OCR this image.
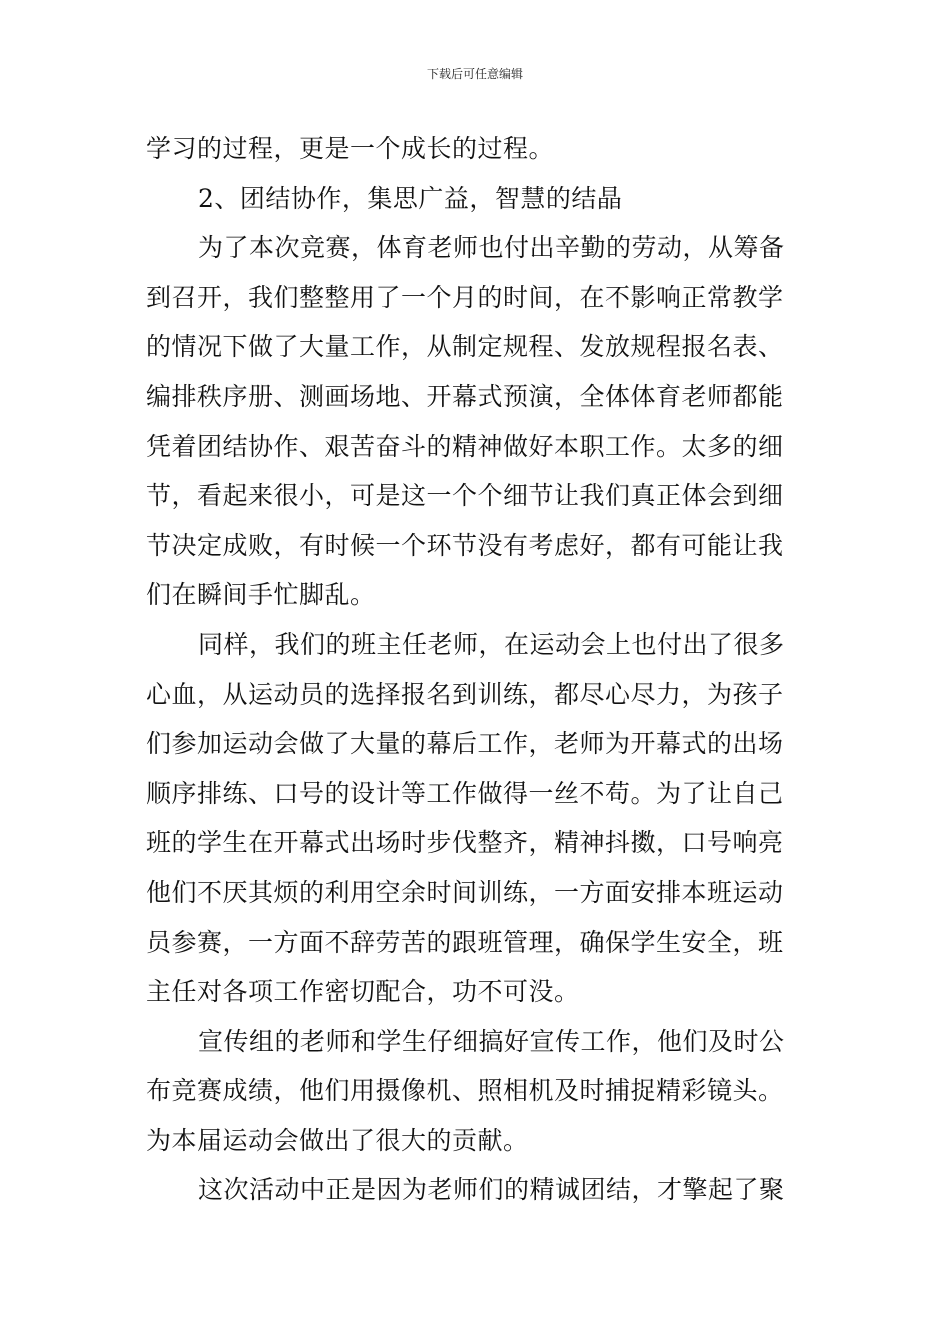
下载后可任意编辑
学习的过程，更是一个成长的过程。
2、团结协作，集思广益，智慧的结晶
为了本次竞赛，体育老师也付出辛勤的劳动，从筹备
到召开，我们整整用了一个月的时间，在不影响正常教学
的情况下做了大量工作，从制定规程、发放规程报名表、
编排秩序册、测画场地、开幕式预演，全体体育老师都能
凭着团结协作、艰苦奋斗的精神做好本职工作。太多的细
节，看起来很小，可是这一个个细节让我们真正体会到细
节决定成败，有时候一个环节没有考虑好，都有可能让我
们在瞬间手忙脚乱。
同样，我们的班主任老师，在运动会上也付出了很多
心血，从运动员的选择报名到训练，都尽心尽力，为孩子
们参加运动会做了大量的幕后工作，老师为开幕式的出场
顺序排练、口号的设计等工作做得一丝不苟。为了让自己
班的学生在开幕式出场时步伐整齐，精神抖擞，口号响亮
他们不厌其烦的利用空余时间训练，一方面安排本班运动
员参赛，一方面不辞劳苦的跟班管理，确保学生安全，班
主任对各项工作密切配合，功不可没。
宣传组的老师和学生仔细搞好宣传工作，他们及时公
布竞赛成绩，他们用摄像机、照相机及时捕捉精彩镜头。
为本届运动会做出了很大的贡献。
这次活动中正是因为老师们的精诚团结，才擎起了聚
